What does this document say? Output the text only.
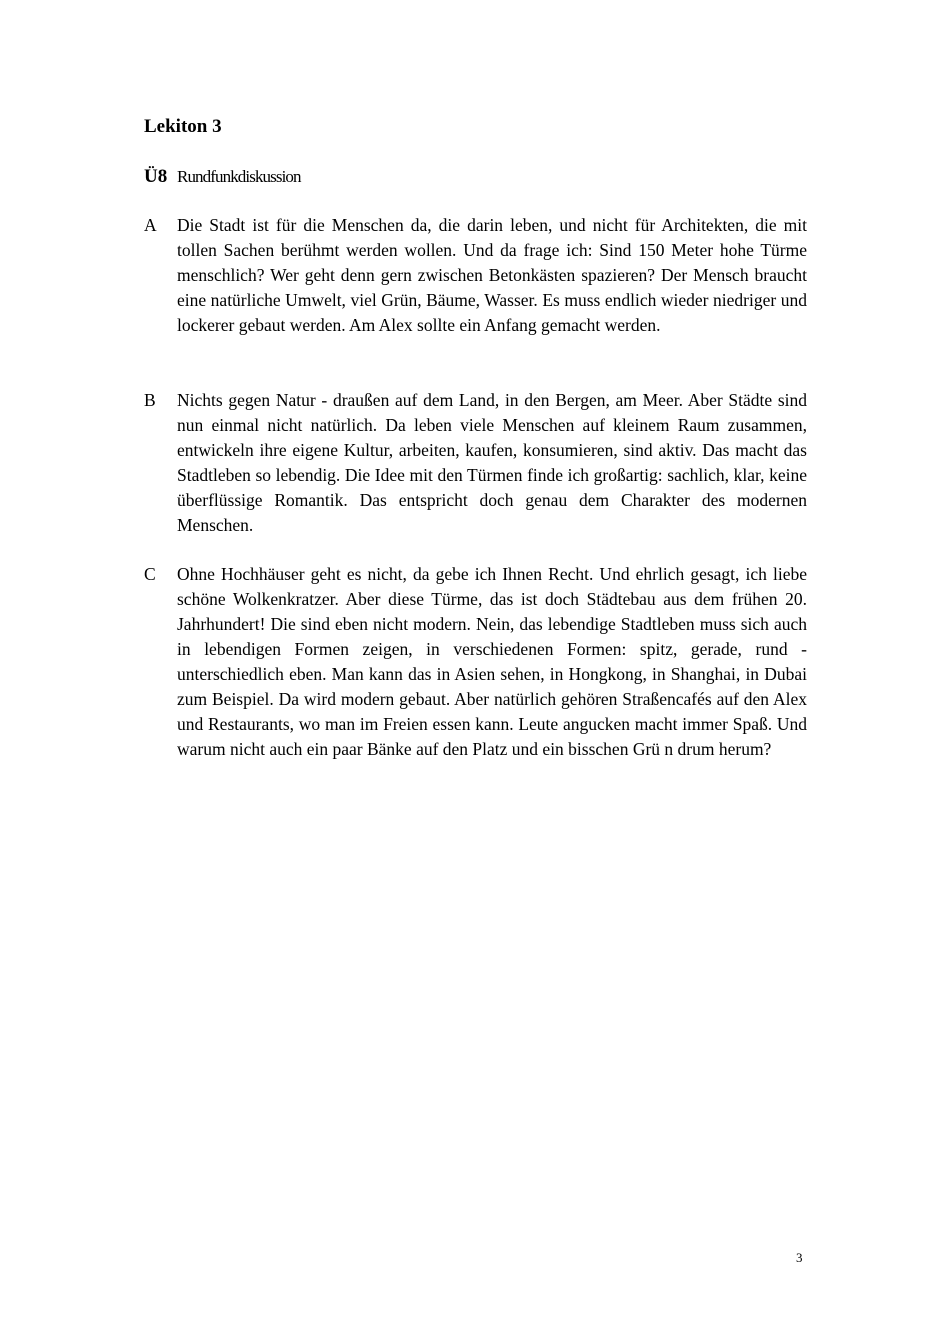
Lekiton 3
Ü8 Rundfunkdiskussion
A Die Stadt ist für die Menschen da, die darin leben, und nicht für Architekten, die mit tollen Sachen berühmt werden wollen. Und da frage ich: Sind 150 Meter hohe Türme menschlich? Wer geht denn gern zwischen Betonkästen spazieren? Der Mensch braucht eine natürliche Umwelt, viel Grün, Bäume, Wasser. Es muss endlich wieder niedriger und lockerer gebaut werden. Am Alex sollte ein Anfang gemacht werden.

B Nichts gegen Natur - draußen auf dem Land, in den Bergen, am Meer. Aber Städte sind nun einmal nicht natürlich. Da leben viele Menschen auf kleinem Raum zusammen, entwickeln ihre eigene Kultur, arbeiten, kaufen, konsumieren, sind aktiv. Das macht das Stadtleben so lebendig. Die Idee mit den Türmen finde ich großartig: sachlich, klar, keine überflüssige Romantik. Das entspricht doch genau dem Charakter des modernen Menschen.

C Ohne Hochhäuser geht es nicht, da gebe ich Ihnen Recht. Und ehrlich gesagt, ich liebe schöne Wolkenkratzer. Aber diese Türme, das ist doch Städtebau aus dem frühen 20. Jahrhundert! Die sind eben nicht modern. Nein, das lebendige Stadtleben muss sich auch in lebendigen Formen zeigen, in verschiedenen Formen: spitz, gerade, rund - unterschiedlich eben. Man kann das in Asien sehen, in Hongkong, in Shanghai, in Dubai zum Beispiel. Da wird modern gebaut. Aber natürlich gehören Straßencafés auf den Alex und Restaurants, wo man im Freien essen kann. Leute angucken macht immer Spaß. Und warum nicht auch ein paar Bänke auf den Platz und ein bisschen Grü n drum herum?

3
